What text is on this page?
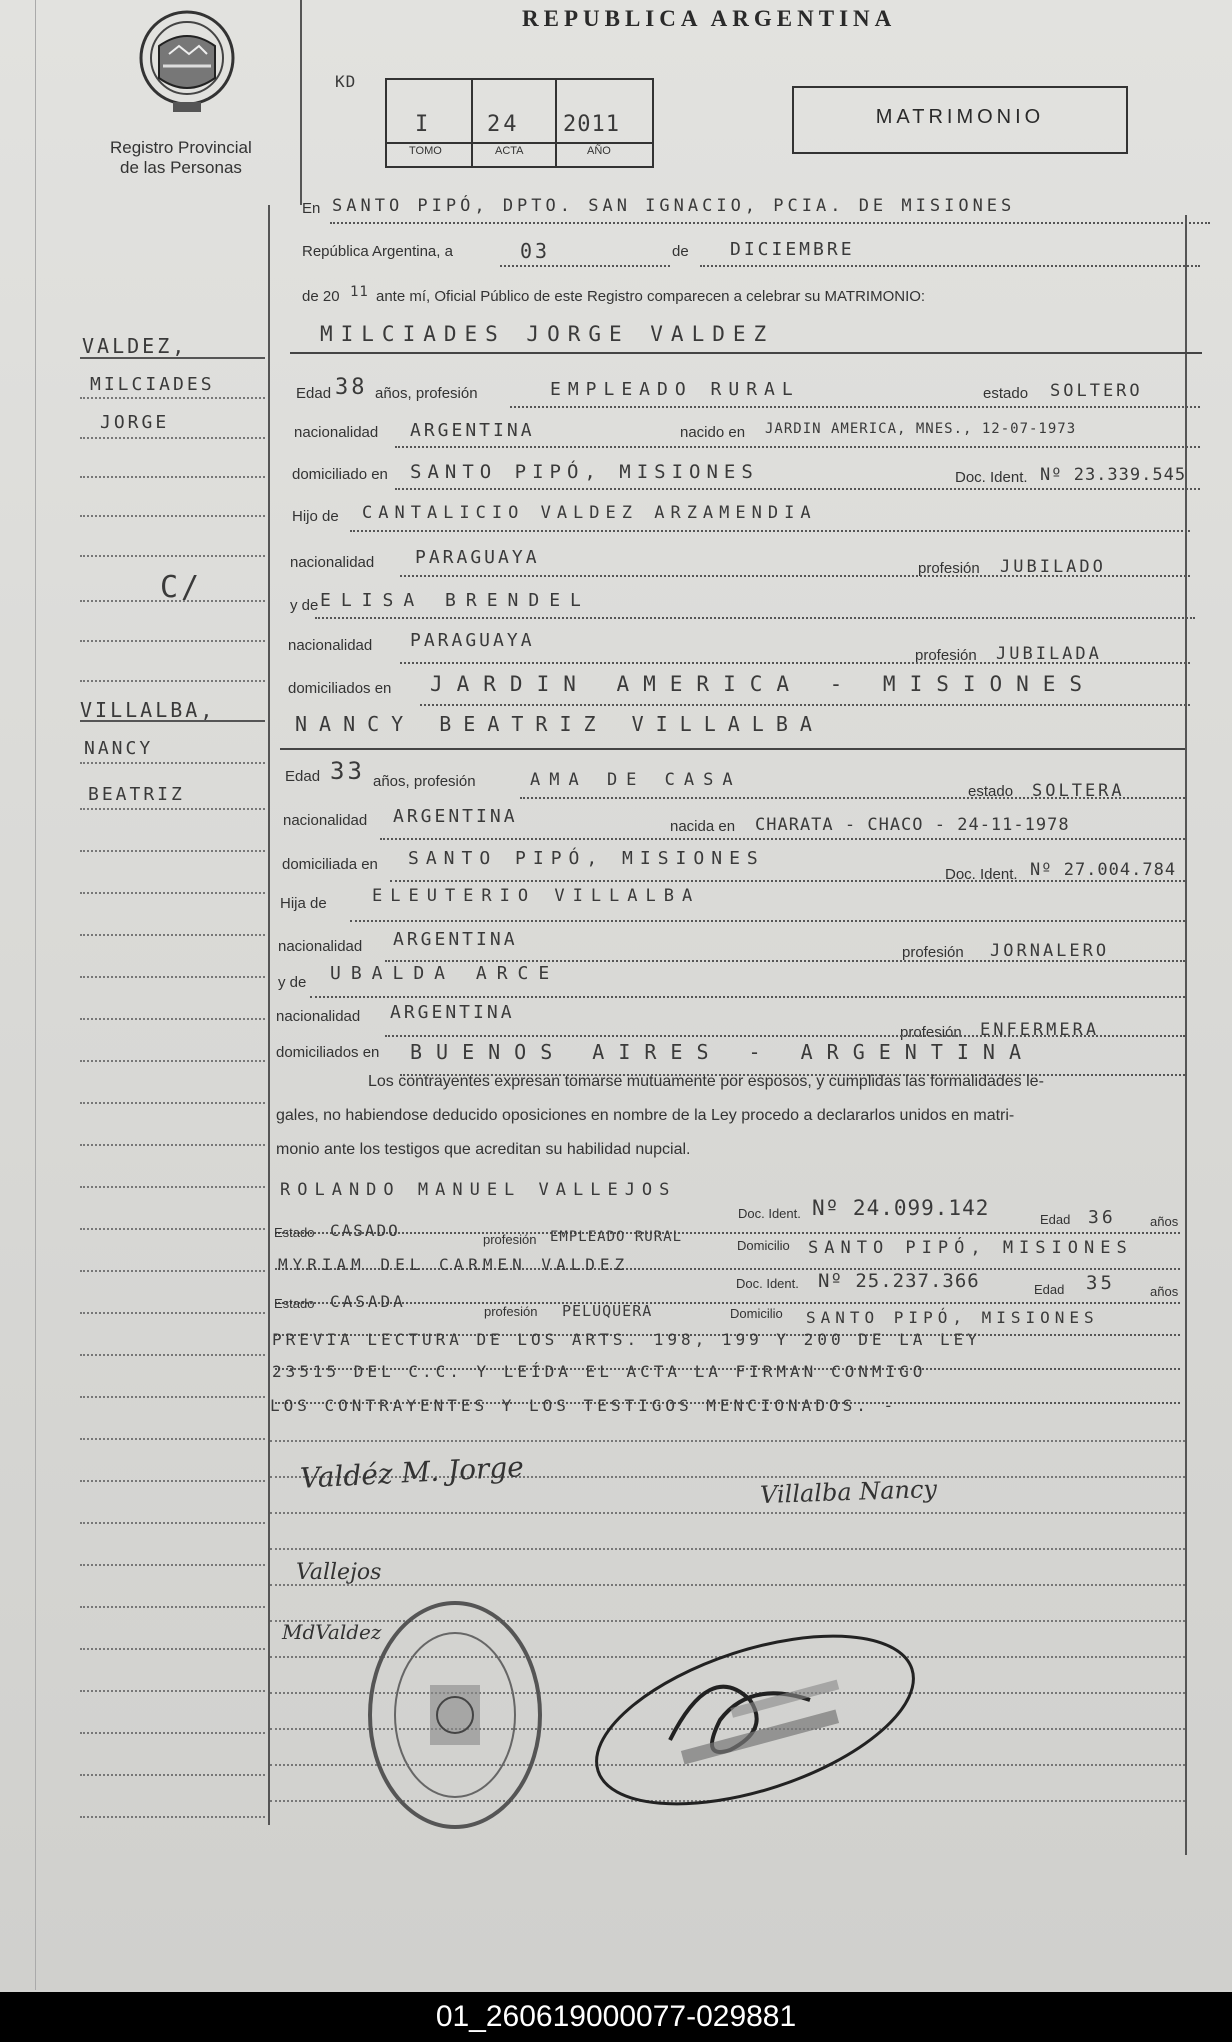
Registro Provincial
de las Personas
REPUBLICA ARGENTINA
KD
I	24 2011
TOMO	ACTA	AÑO
MATRIMONIO
En SANTO PIPÓ, DPTO. SAN IGNACIO, PCIA. DE MISIONES
República Argentina, a	03	de DICIEMBRE
de 20 11 ante mí, Oficial Público de este Registro comparecen a celebrar su MATRIMONIO:
VALDEZ,
MILCIADES
JORGE
C/
VILLALBA,
NANCY
BEATRIZ
MILCIADES JORGE VALDEZ
Edad 38 años, profesión	EMPLEADO RURAL	estado SOLTERO
nacionalidad ARGENTINA	nacido en JARDIN AMERICA, MNES., 12-07-1973
domiciliado en SANTO PIPÓ, MISIONES	Doc. Ident. Nº 23.339.545
Hijo de CANTALICIO VALDEZ ARZAMENDIA
nacionalidad PARAGUAYA
profesión JUBILADO
y de ELISA BRENDEL
nacionalidad PARAGUAYA
profesión JUBILADA
domiciliados en JARDIN AMERICA - MISIONES
NANCY BEATRIZ VILLALBA
Edad 33 años, profesión	AMA DE CASA
estado SOLTERA
nacionalidad ARGENTINA	nacida en CHARATA - CHACO - 24-11-1978
domiciliada en SANTO PIPÓ, MISIONES
Doc. Ident. Nº 27.004.784
Hija de	ELEUTERIO VILLALBA
nacionalidad ARGENTINA
profesión JORNALERO
y de UBALDA ARCE
nacionalidad ARGENTINA
profesión ENFERMERA
domiciliados en BUENOS AIRES - ARGENTINA
Los contrayentes expresan tomarse mutuamente por esposos, y cumplidas las formalidades le-
gales, no habiendose deducido oposiciones en nombre de la Ley procedo a declararlos unidos en matri-
monio ante los testigos que acreditan su habilidad nupcial.
ROLANDO MANUEL VALLEJOS
Doc. Ident. Nº 24.099.142	Edad 36	años
Estado CASADO	profesión EMPLEADO RURAL
Domicilio SANTO PIPÓ, MISIONES
MYRIAM DEL CARMEN VALDEZ
Doc. Ident. Nº 25.237.366	Edad 35	años
Estado CASADA
profesión PELUQUERA	Domicilio SANTO PIPÓ, MISIONES
PREVIA LECTURA DE LOS ARTS. 198, 199 Y 200 DE LA LEY
23515 DEL C.C. Y LEÍDA EL ACTA LA FIRMAN CONMIGO
LOS CONTRAYENTES Y LOS TESTIGOS MENCIONADOS. -
Valdéz M. Jorge	Villalba Nancy
Vallejos
MdValdez
01_260619000077-029881
